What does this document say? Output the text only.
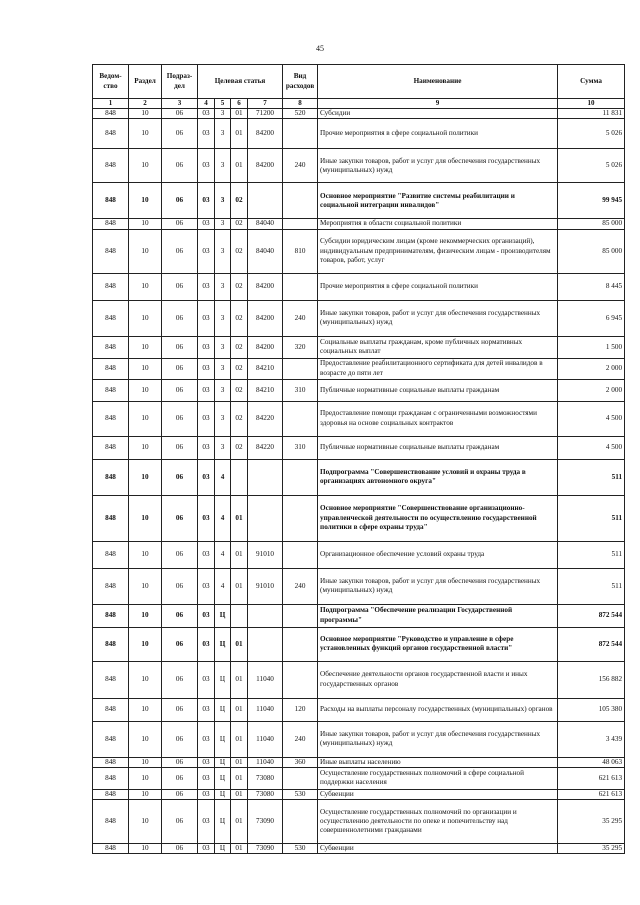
45
Ведом-ство	Раздел	Подраз-дел	Целевая статья				Вид расходов	Наименование	Сумма
1	2	3	4	5	6	7	8	9	10
848	10	06	03	3	01	71200	520	Субсидии	11 831
848	10	06	03	3	01	84200		Прочие мероприятия в сфере социальной политики	5 026
848	10	06	03	3	01	84200	240	Иные закупки товаров, работ и услуг для обеспечения государственных (муниципальных) нужд	5 026
848	10	06	03	3	02			Основное мероприятие "Развитие системы реабилитации и социальной интеграции инвалидов"	99 945
848	10	06	03	3	02	84040		Мероприятия в области социальной политики	85 000
848	10	06	03	3	02	84040	810	Субсидии юридическим лицам (кроме некоммерческих организаций), индивидуальным предпринимателям, физическим лицам - производителям товаров, работ, услуг	85 000
848	10	06	03	3	02	84200		Прочие мероприятия в сфере социальной политики	8 445
848	10	06	03	3	02	84200	240	Иные закупки товаров, работ и услуг для обеспечения государственных (муниципальных) нужд	6 945
848	10	06	03	3	02	84200	320	Социальные выплаты гражданам, кроме публичных нормативных социальных выплат	1 500
848	10	06	03	3	02	84210		Предоставление реабилитационного сертификата для детей инвалидов в возрасте до пяти лет	2 000
848	10	06	03	3	02	84210	310	Публичные нормативные социальные выплаты гражданам	2 000
848	10	06	03	3	02	84220		Предоставление помощи гражданам с ограниченными возможностями здоровья на основе социальных контрактов	4 500
848	10	06	03	3	02	84220	310	Публичные нормативные социальные выплаты гражданам	4 500
848	10	06	03	4				Подпрограмма "Совершенствование условий и охраны труда в организациях автономного округа"	511
848	10	06	03	4	01			Основное мероприятие "Совершенствование организационно-управленческой деятельности по осуществлению государственной политики в сфере охраны труда"	511
848	10	06	03	4	01	91010		Организационное обеспечение условий охраны труда	511
848	10	06	03	4	01	91010	240	Иные закупки товаров, работ и услуг для обеспечения государственных (муниципальных) нужд	511
848	10	06	03	Ц				Подпрограмма "Обеспечение реализации Государственной программы"	872 544
848	10	06	03	Ц	01			Основное мероприятие "Руководство и управление в сфере установленных функций органов государственной власти"	872 544
848	10	06	03	Ц	01	11040		Обеспечение деятельности органов государственной власти и иных государственных органов	156 882
848	10	06	03	Ц	01	11040	120	Расходы на выплаты персоналу государственных (муниципальных) органов	105 380
848	10	06	03	Ц	01	11040	240	Иные закупки товаров, работ и услуг для обеспечения государственных (муниципальных) нужд	3 439
848	10	06	03	Ц	01	11040	360	Иные выплаты населению	48 063
848	10	06	03	Ц	01	73080		Осуществление государственных полномочий в сфере социальной поддержки населения	621 613
848	10	06	03	Ц	01	73080	530	Субвенции	621 613
848	10	06	03	Ц	01	73090		Осуществление государственных полномочий по организации и осуществлению деятельности по опеке и попечительству над совершеннолетними гражданами	35 295
848	10	06	03	Ц	01	73090	530	Субвенции	35 295
